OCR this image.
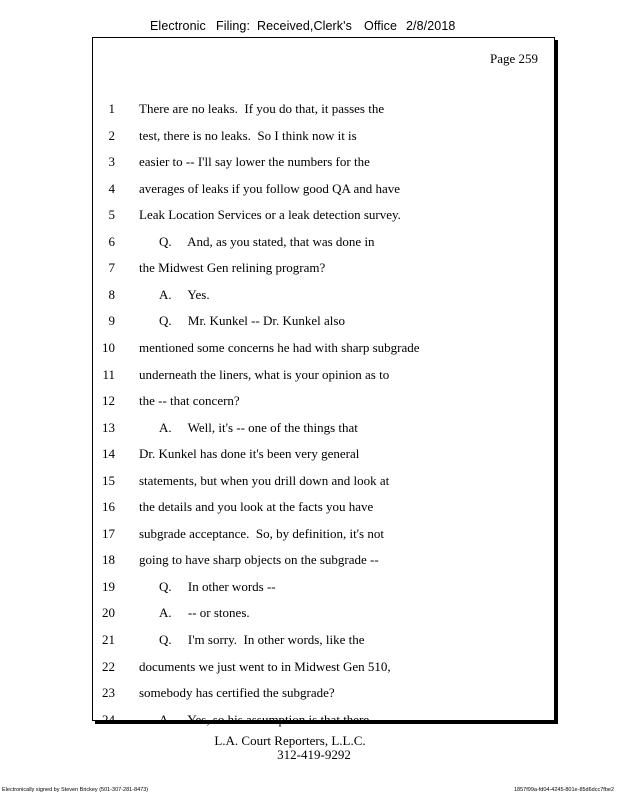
Electronic Filing: Received,Clerk's Office 2/8/2018
Page 259
1 There are no leaks.  If you do that, it passes the
2 test, there is no leaks.  So I think now it is
3 easier to -- I'll say lower the numbers for the
4 averages of leaks if you follow good QA and have
5 Leak Location Services or a leak detection survey.
6	Q.     And, as you stated, that was done in
7 the Midwest Gen relining program?
8	A.     Yes.
9	Q.     Mr. Kunkel -- Dr. Kunkel also
10 mentioned some concerns he had with sharp subgrade
11 underneath the liners, what is your opinion as to
12 the -- that concern?
13	A.     Well, it's -- one of the things that
14 Dr. Kunkel has done it's been very general
15 statements, but when you drill down and look at
16 the details and you look at the facts you have
17 subgrade acceptance.  So, by definition, it's not
18 going to have sharp objects on the subgrade --
19	Q.     In other words --
20	A.     -- or stones.
21	Q.     I'm sorry.  In other words, like the
22 documents we just went to in Midwest Gen 510,
23 somebody has certified the subgrade?
24	A.     Yes, so his assumption is that there
L.A. Court Reporters, L.L.C.
312-419-9292
Electronically signed by Steven Brickey (501-307-281-8473)	1857f99a-fd04-4245-801e-85d6dcc7fbe2
